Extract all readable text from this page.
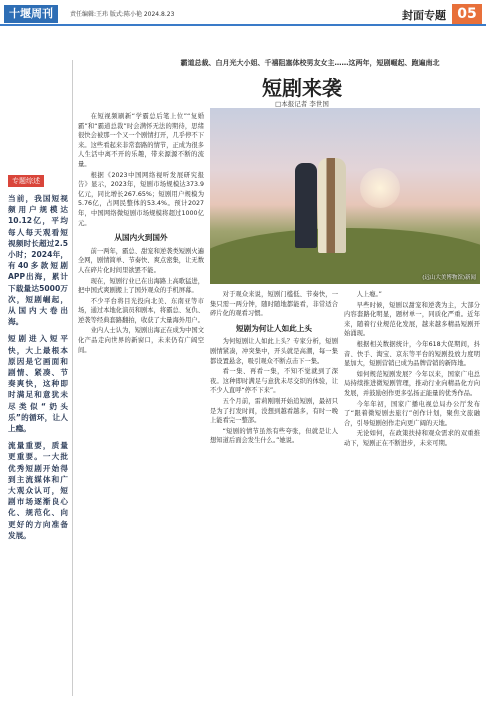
十堰周刊	责任编辑:王玮 版式:陈小艳 2024.8.23	封面专题 05
专题综述

当前，我国短视频用户规模达10.12亿，平均每人每天观看短视频时长超过2.5小时；2024年，有40多款短剧APP出海，累计下载量达5000万次，短剧崛起，从国内大卷出海。

短剧进入短平快，大上最根本原因是它画面和剧情、紧凑、节奏爽快，这种即时满足和意犹未尽类似“奶头乐”的循环，让人上瘾。

流量重要，质量更重要。一大批优秀短剧开始得到主流媒体和广大观众认可，短剧市场逐渐良心化、规范化、向更好的方向准备发展。

霸道总裁、白月光大小姐、千禧阻塞体校男友女主……这两年，短剧崛起、跑遍南北
短剧来袭
□本报记者 李世国
(远山大美博物馆)新闻

在短视频刷新“学霸总后笔上位”“复婚霸”和“霸道总裁”时会满怀无法的期待，思绪很快会被那一个又一个剧情打开，几乎停不下来。这些看起来非常套路的情节，正成为很多人生活中离不开的乐趣，带来源源不断的流量。

根据《2023中国网络视听发展研究报告》显示，2023年，短剧市场规模达373.9亿元，同比增长267.65%；短剧用户规模为5.76亿，占网民整体的53.4%。预计2027年，中国网络微短剧市场规模将超过1000亿元。

从国内火到国外

前一两年，霸总、甜宠和逆袭类短剧火遍全网，剧情简单、节奏快、爽点密集，让无数人在碎片化时间里欲罢不能。

现在，短剧行业已在出海路上高歌猛进，把中国式爽剧搬上了国外观众的手机屏幕。

不少平台将目光投向北美、东南亚等市场，通过本地化演员和剧本，将霸总、复仇、逆袭等经典套路翻拍，收获了大量海外用户。

业内人士认为，短剧出海正在成为中国文化产品走向世界的新窗口，未来仍有广阔空间。

对于观众来说，短剧门槛低、节奏快，一集只需一两分钟，随时随地都能看，非常适合碎片化的观看习惯。

短剧为何让人如此上头

为何短剧让人如此上头？专家分析，短剧剧情紧凑，冲突集中，开头就是高潮，每一集都设置悬念，吸引观众不断点击下一集。

看一集、再看一集，不知不觉就到了深夜。这种即时满足与意犹未尽交织的体验，让不少人直呼“停不下来”。

五个月前，雷莉刚刚开始追短剧，最初只是为了打发时间，没想到越看越多，有时一晚上能看完一整部。

“短剧的情节虽然有些夸张，但就是让人想知道后面会发生什么。”她说。

人上瘾。”

早些时候，短剧以甜宠和逆袭为主，大部分内容套路化明显，题材单一，同质化严重。近年来，随着行业规范化发展，越来越多精品短剧开始涌现。

根据相关数据统计，今年618大促期间，抖音、快手、淘宝、京东等平台的短剧投放力度明显加大，短剧营销已成为品牌营销的新阵地。

如何规范短剧发展？今年以来，国家广电总局持续推进微短剧管理，推动行业向精品化方向发展，并鼓励创作更多弘扬正能量的优秀作品。

今年年初，国家广播电视总局办公厅发布了“跟着微短剧去旅行”创作计划，聚焦文旅融合，引导短剧创作走向更广阔的天地。

无论如何，在政策扶持和观众需求的双重推动下，短剧正在不断进步，未来可期。
